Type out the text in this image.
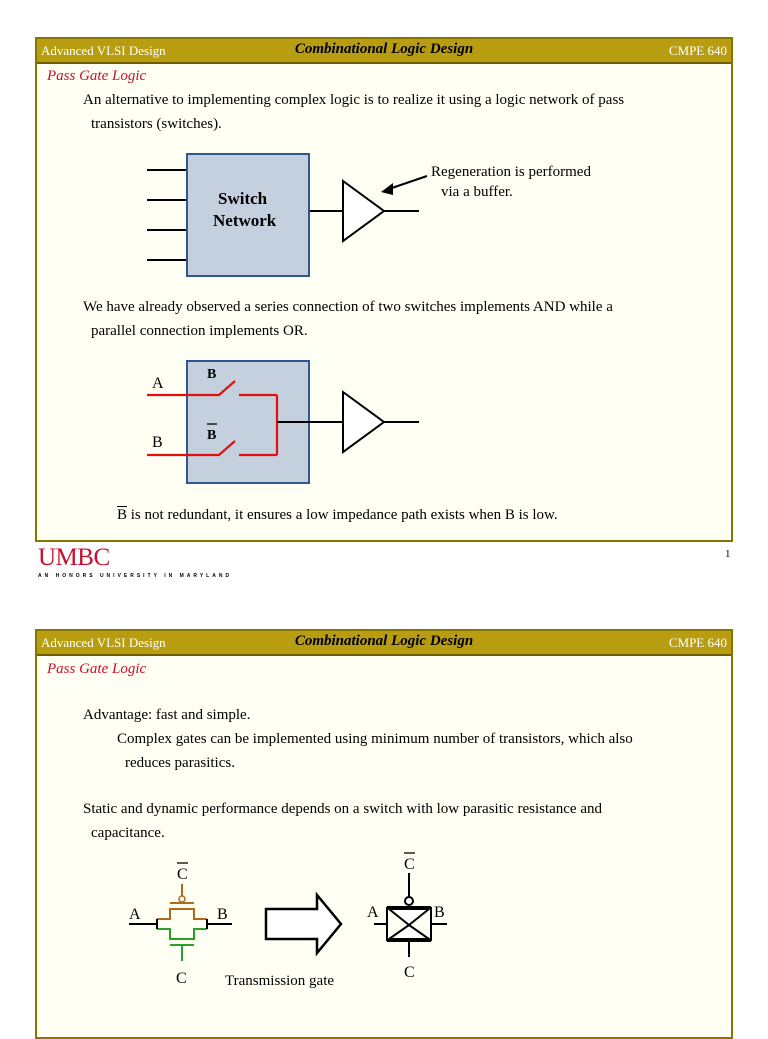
Advanced VLSI Design	Combinational Logic Design	CMPE 640
Pass Gate Logic
An alternative to implementing complex logic is to realize it using a logic network of pass
transistors (switches).
Switch
Network
Regeneration is performed
via a buffer.
We have already observed a series connection of two switches implements AND while a
parallel connection implements OR.
A
B
B
B
$\overline{B}$ is not redundant, it ensures a low impedance path exists when B is low.
UMBC
AN HONORS UNIVERSITY IN MARYLAND
1
Advanced VLSI Design	Combinational Logic Design	CMPE 640
Pass Gate Logic
Advantage: fast and simple.
Complex gates can be implemented using minimum number of transistors, which also
reduces parasitics.
Static and dynamic performance depends on a switch with low parasitic resistance and
capacitance.
C
A	B
C	Transmission gate
C
A	B
C
